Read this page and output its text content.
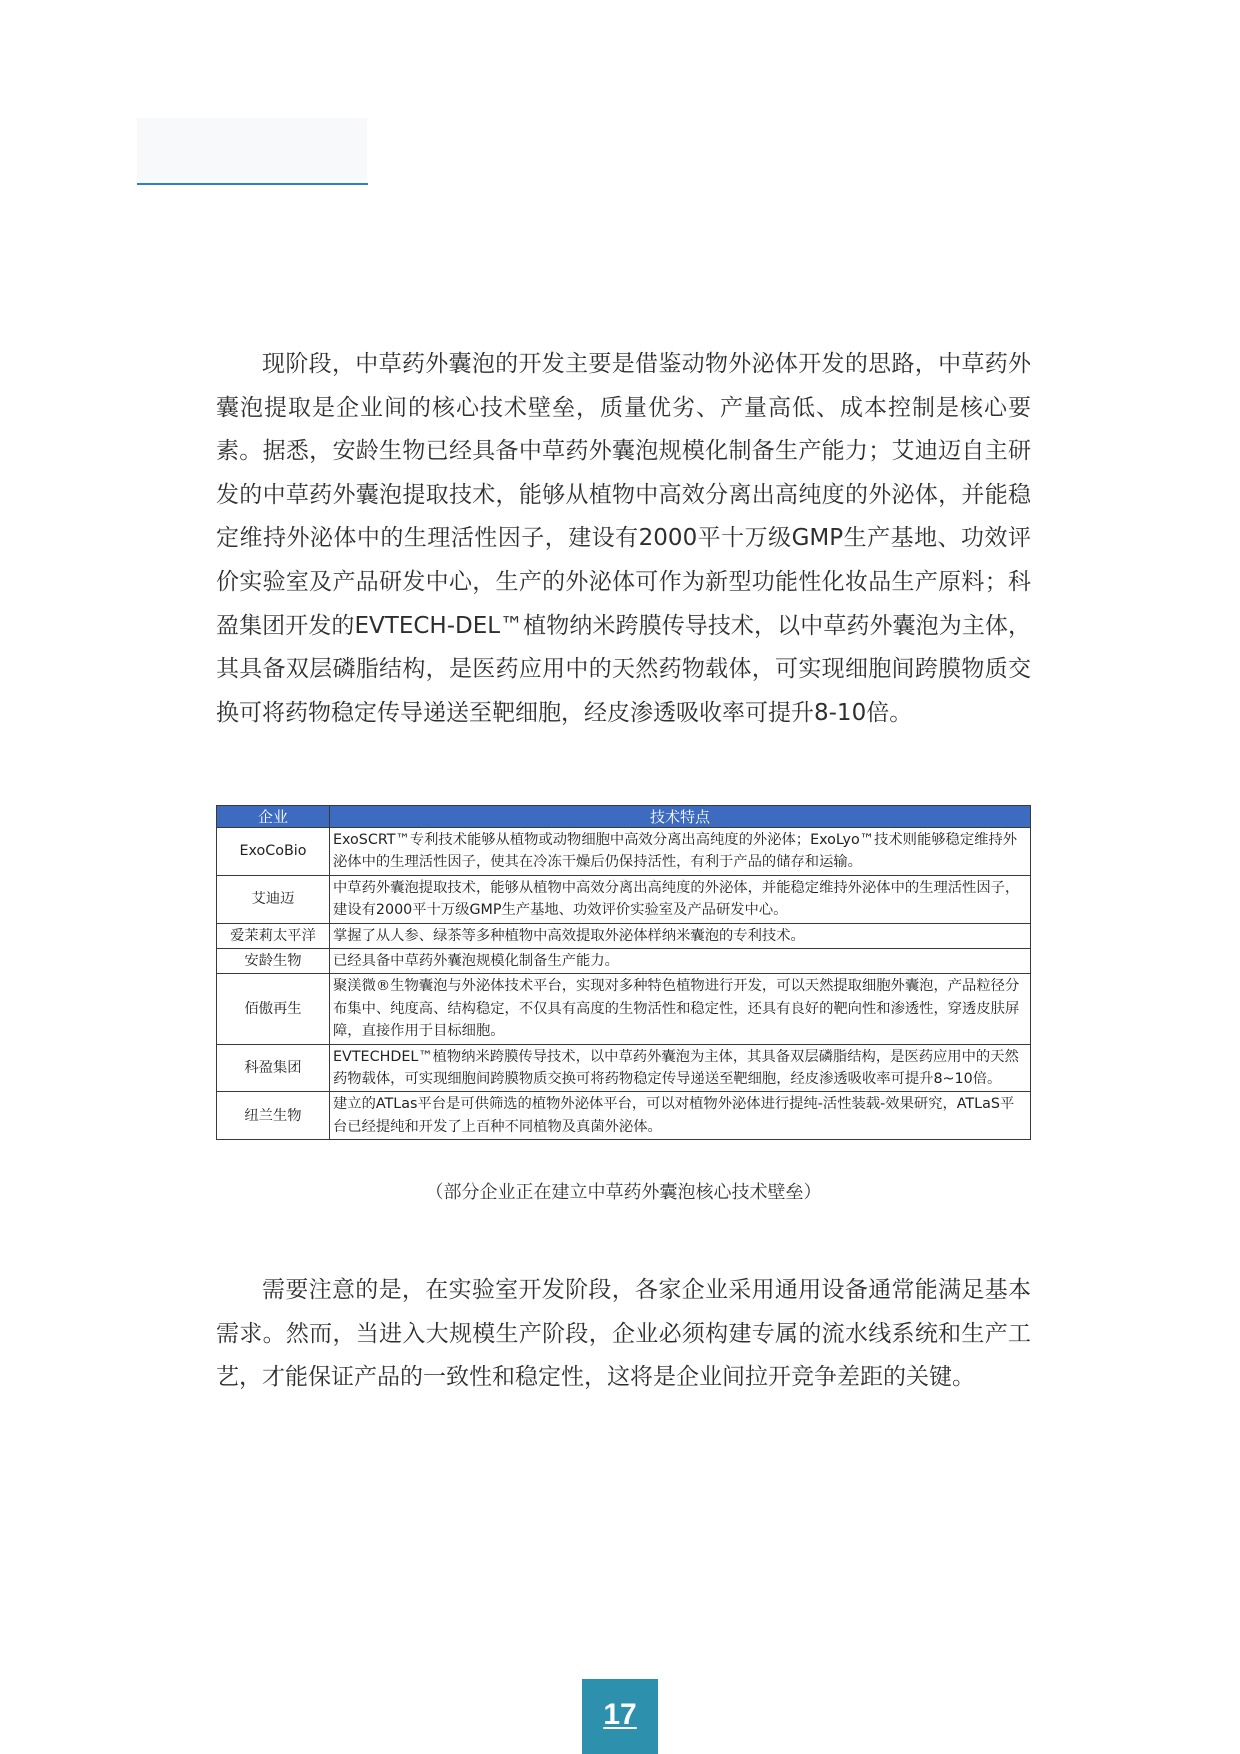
现阶段，中草药外囊泡的开发主要是借鉴动物外泌体开发的思路，中草药外囊泡提取是企业间的核心技术壁垒，质量优劣、产量高低、成本控制是核心要素。据悉，安龄生物已经具备中草药外囊泡规模化制备生产能力；艾迪迈自主研发的中草药外囊泡提取技术，能够从植物中高效分离出高纯度的外泌体，并能稳定维持外泌体中的生理活性因子，建设有2000平十万级GMP生产基地、功效评价实验室及产品研发中心，生产的外泌体可作为新型功能性化妆品生产原料；科盈集团开发的EVTECH-DEL™植物纳米跨膜传导技术，以中草药外囊泡为主体，其具备双层磷脂结构，是医药应用中的天然药物载体，可实现细胞间跨膜物质交换可将药物稳定传导递送至靶细胞，经皮渗透吸收率可提升8-10倍。

企业	技术特点
ExoCoBio	ExoSCRT™专利技术能够从植物或动物细胞中高效分离出高纯度的外泌体；ExoLyo™技术则能够稳定维持外泌体中的生理活性因子，使其在冷冻干燥后仍保持活性，有利于产品的储存和运输。
艾迪迈	中草药外囊泡提取技术，能够从植物中高效分离出高纯度的外泌体，并能稳定维持外泌体中的生理活性因子，建设有2000平十万级GMP生产基地、功效评价实验室及产品研发中心。
爱茉莉太平洋	掌握了从人参、绿茶等多种植物中高效提取外泌体样纳米囊泡的专利技术。
安龄生物	已经具备中草药外囊泡规模化制备生产能力。
佰傲再生	聚渼微®生物囊泡与外泌体技术平台，实现对多种特色植物进行开发，可以天然提取细胞外囊泡，产品粒径分布集中、纯度高、结构稳定，不仅具有高度的生物活性和稳定性，还具有良好的靶向性和渗透性，穿透皮肤屏障，直接作用于目标细胞。
科盈集团	EVTECHDEL™植物纳米跨膜传导技术，以中草药外囊泡为主体，其具备双层磷脂结构，是医药应用中的天然药物载体，可实现细胞间跨膜物质交换可将药物稳定传导递送至靶细胞，经皮渗透吸收率可提升8~10倍。
纽兰生物	建立的ATLas平台是可供筛选的植物外泌体平台，可以对植物外泌体进行提纯-活性装载-效果研究，ATLaS平台已经提纯和开发了上百种不同植物及真菌外泌体。
（部分企业正在建立中草药外囊泡核心技术壁垒）

需要注意的是，在实验室开发阶段，各家企业采用通用设备通常能满足基本需求。然而，当进入大规模生产阶段，企业必须构建专属的流水线系统和生产工艺，才能保证产品的一致性和稳定性，这将是企业间拉开竞争差距的关键。

17
